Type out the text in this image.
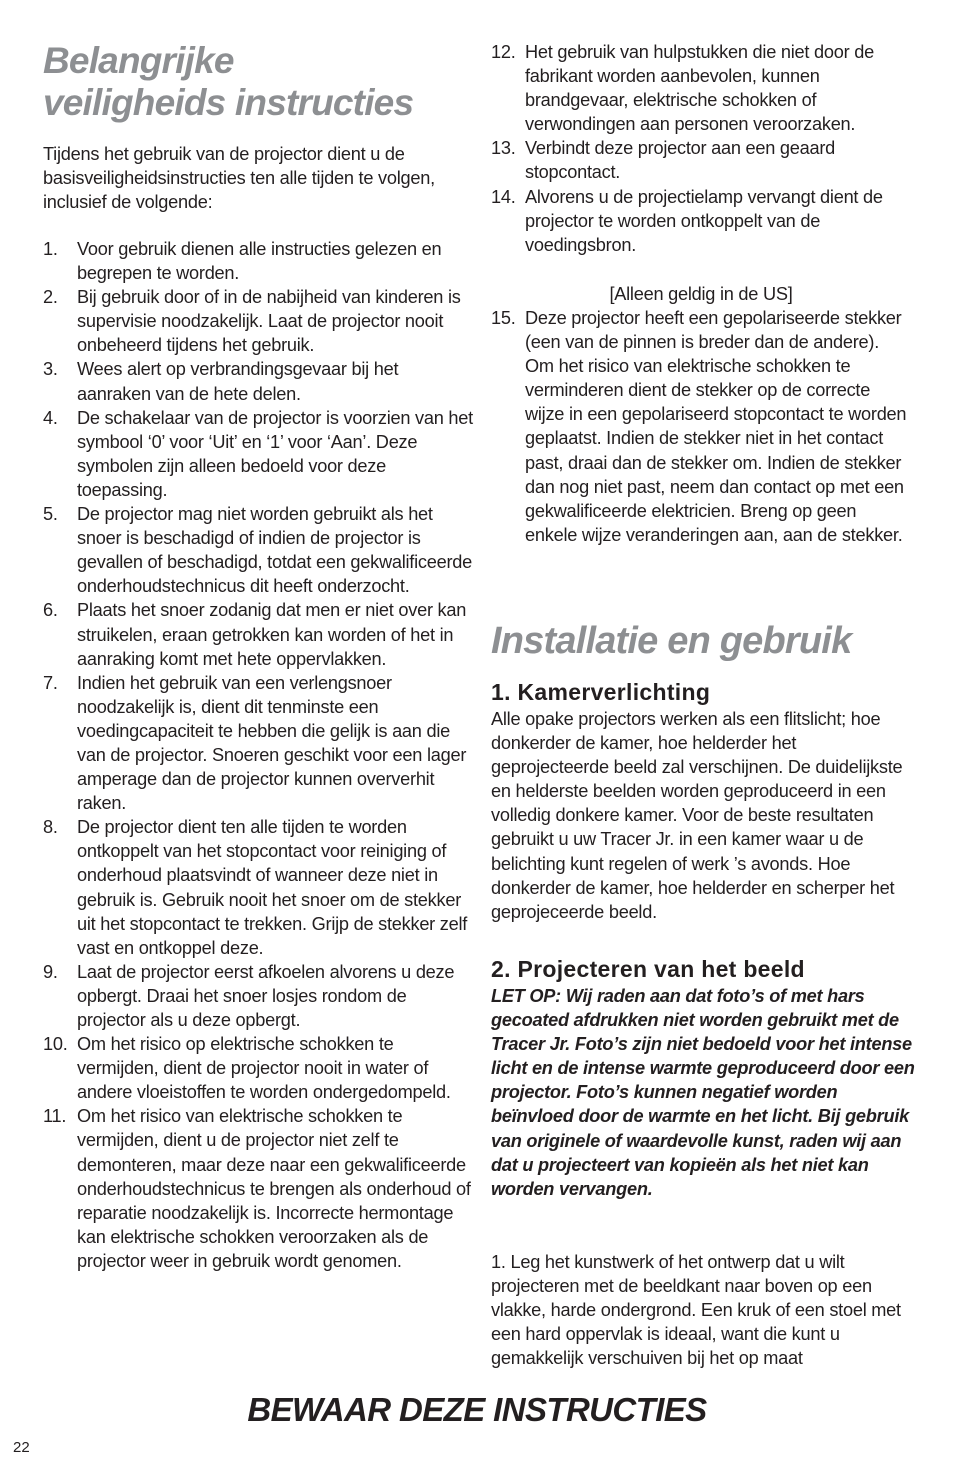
Belangrijke
veiligheids instructies

Tijdens het gebruik van de projector dient u de basisveiligheidsinstructies ten alle tijden te volgen, inclusief de volgende:

1. Voor gebruik dienen alle instructies gelezen en begrepen te worden.
2. Bij gebruik door of in de nabijheid van kinderen is supervisie noodzakelijk. Laat de projector nooit onbeheerd tijdens het gebruik.
3. Wees alert op verbrandingsgevaar bij het aanraken van de hete delen.
4. De schakelaar van de projector is voorzien van het symbool ‘0’ voor ‘Uit’ en ‘1’ voor ‘Aan’. Deze symbolen zijn alleen bedoeld voor deze toepassing.
5. De projector mag niet worden gebruikt als het snoer is beschadigd of indien de projector is gevallen of beschadigd, totdat een gekwalificeerde onderhoudstechnicus dit heeft onderzocht.
6. Plaats het snoer zodanig dat men er niet over kan struikelen, eraan getrokken kan worden of het in aanraking komt met hete oppervlakken.
7. Indien het gebruik van een verlengsnoer noodzakelijk is, dient dit tenminste een voedingcapaciteit te hebben die gelijk is aan die van de projector. Snoeren geschikt voor een lager amperage dan de projector kunnen oververhit raken.
8. De projector dient ten alle tijden te worden ontkoppelt van het stopcontact voor reiniging of onderhoud plaatsvindt of wanneer deze niet in gebruik is. Gebruik nooit het snoer om de stekker uit het stopcontact te trekken. Grijp de stekker zelf vast en ontkoppel deze.
9. Laat de projector eerst afkoelen alvorens u deze opbergt. Draai het snoer losjes rondom de projector als u deze opbergt.
10. Om het risico op elektrische schokken te vermijden, dient de projector nooit in water of andere vloeistoffen te worden ondergedompeld.
11. Om het risico van elektrische schokken te vermijden, dient u de projector niet zelf te demonteren, maar deze naar een gekwalificeerde onderhoudstechnicus te brengen als onderhoud of reparatie noodzakelijk is. Incorrecte hermontage kan elektrische schokken veroorzaken als de projector weer in gebruik wordt genomen.
12. Het gebruik van hulpstukken die niet door de fabrikant worden aanbevolen, kunnen brandgevaar, elektrische schokken of verwondingen aan personen veroorzaken.
13. Verbindt deze projector aan een geaard stopcontact.
14. Alvorens u de projectielamp vervangt dient de projector te worden ontkoppelt van de voedingsbron.
[Alleen geldig in de US]
15. Deze projector heeft een gepolariseerde stekker (een van de pinnen is breder dan de andere). Om het risico van elektrische schokken te verminderen dient de stekker op de correcte wijze in een gepolariseerd stopcontact te worden geplaatst. Indien de stekker niet in het contact past, draai dan de stekker om. Indien de stekker dan nog niet past, neem dan contact op met een gekwalificeerde elektricien. Breng op geen enkele wijze veranderingen aan, aan de stekker.
Installatie en gebruik
1. Kamerverlichting

Alle opake projectors werken als een flitslicht; hoe donkerder de kamer, hoe helderder het geprojecteerde beeld zal verschijnen. De duidelijkste en helderste beelden worden geproduceerd in een volledig donkere kamer. Voor de beste resultaten gebruikt u uw Tracer Jr. in een kamer waar u de belichting kunt regelen of werk ’s avonds. Hoe donkerder de kamer, hoe helderder en scherper het geprojeceerde beeld.

2. Projecteren van het beeld

LET OP: Wij raden aan dat foto’s of met hars gecoated afdrukken niet worden gebruikt met de Tracer Jr. Foto’s zijn niet bedoeld voor het intense licht en de intense warmte geproduceerd door een projector. Foto’s kunnen negatief worden beïnvloed door de warmte en het licht. Bij gebruik van originele of waardevolle kunst, raden wij aan dat u projecteert van kopieën als het niet kan worden vervangen.

1. Leg het kunstwerk of het ontwerp dat u wilt projecteren met de beeldkant naar boven op een vlakke, harde ondergrond. Een kruk of een stoel met een hard oppervlak is ideaal, want die kunt u gemakkelijk verschuiven bij het op maat

BEWAAR DEZE INSTRUCTIES
22
